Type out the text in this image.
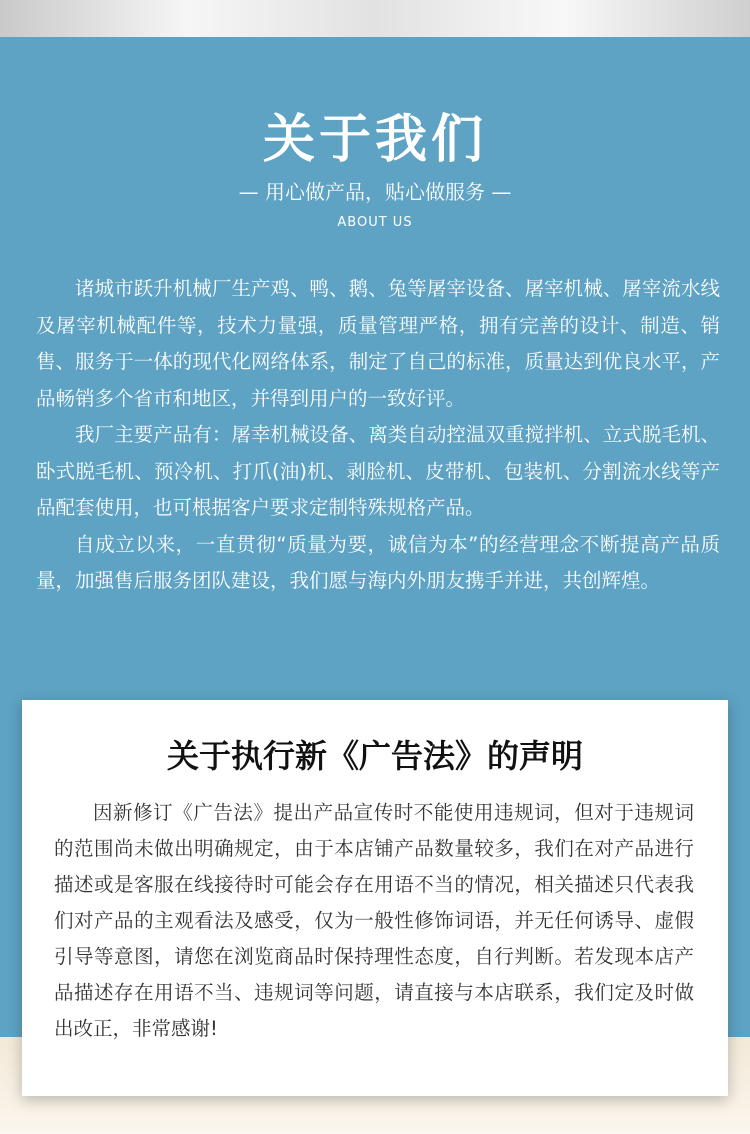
关于我们
— 用心做产品，贴心做服务 —
ABOUT US

诸城市跃升机械厂生产鸡、鸭、鹅、兔等屠宰设备、屠宰机械、屠宰流水线及屠宰机械配件等，技术力量强，质量管理严格，拥有完善的设计、制造、销售、服务于一体的现代化网络体系，制定了自己的标准，质量达到优良水平，产品畅销多个省市和地区，并得到用户的一致好评。

我厂主要产品有：屠幸机械设备、离类自动控温双重搅拌机、立式脱毛机、卧式脱毛机、预冷机、打爪(油)机、剥脸机、皮带机、包装机、分割流水线等产品配套使用，也可根据客户要求定制特殊规格产品。

自成立以来，一直贯彻“质量为要，诚信为本”的经营理念不断提高产品质量，加强售后服务团队建设，我们愿与海内外朋友携手并进，共创辉煌。

关于执行新《广告法》的声明

因新修订《广告法》提出产品宣传时不能使用违规词，但对于违规词的范围尚未做出明确规定，由于本店铺产品数量较多，我们在对产品进行描述或是客服在线接待时可能会存在用语不当的情况，相关描述只代表我们对产品的主观看法及感受，仅为一般性修饰词语，并无任何诱导、虚假引导等意图，请您在浏览商品时保持理性态度，自行判断。若发现本店产品描述存在用语不当、违规词等问题，请直接与本店联系，我们定及时做出改正，非常感谢!
